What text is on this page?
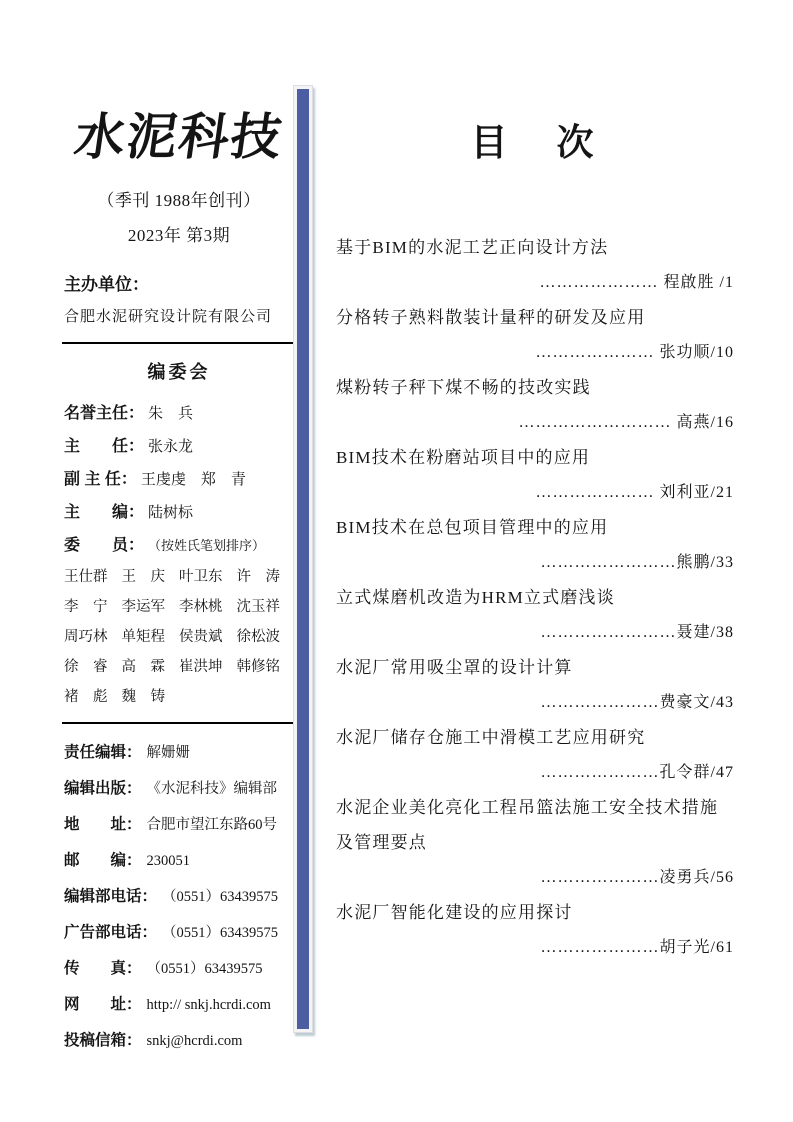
水泥科技
（季刊 1988年创刊）
2023年 第3期
主办单位：
合肥水泥研究设计院有限公司
编委会
名誉主任： 朱　兵
主　　任： 张永龙
副 主 任： 王虔虔　郑　青
主　　编： 陆树标
委　　员： （按姓氏笔划排序）
王仕群 王　庆 叶卫东 许　涛
李　宁 李运军 李林桃 沈玉祥
周巧林 单矩程 侯贵斌 徐松波
徐　睿 高　霖 崔洪坤 韩修铭
褚　彪 魏　铸
责任编辑： 解姗姗
编辑出版： 《水泥科技》编辑部
地　　址： 合肥市望江东路60号
邮　　编： 230051
编辑部电话： （0551）63439575
广告部电话： （0551）63439575
传　　真： （0551）63439575
网　　址： http:// snkj.hcrdi.com
投稿信箱： snkj@hcrdi.com
目　次
基于BIM的水泥工艺正向设计方法
………………… 程啟胜 /1
分格转子熟料散装计量秤的研发及应用
………………… 张功顺/10
煤粉转子秤下煤不畅的技改实践
……………………… 高燕/16
BIM技术在粉磨站项目中的应用
………………… 刘利亚/21
BIM技术在总包项目管理中的应用
……………………熊鹏/33
立式煤磨机改造为HRM立式磨浅谈
……………………聂建/38
水泥厂常用吸尘罩的设计计算
…………………费豪文/43
水泥厂储存仓施工中滑模工艺应用研究
…………………孔令群/47
水泥企业美化亮化工程吊篮法施工安全技术措施
及管理要点
…………………凌勇兵/56
水泥厂智能化建设的应用探讨
…………………胡子光/61
